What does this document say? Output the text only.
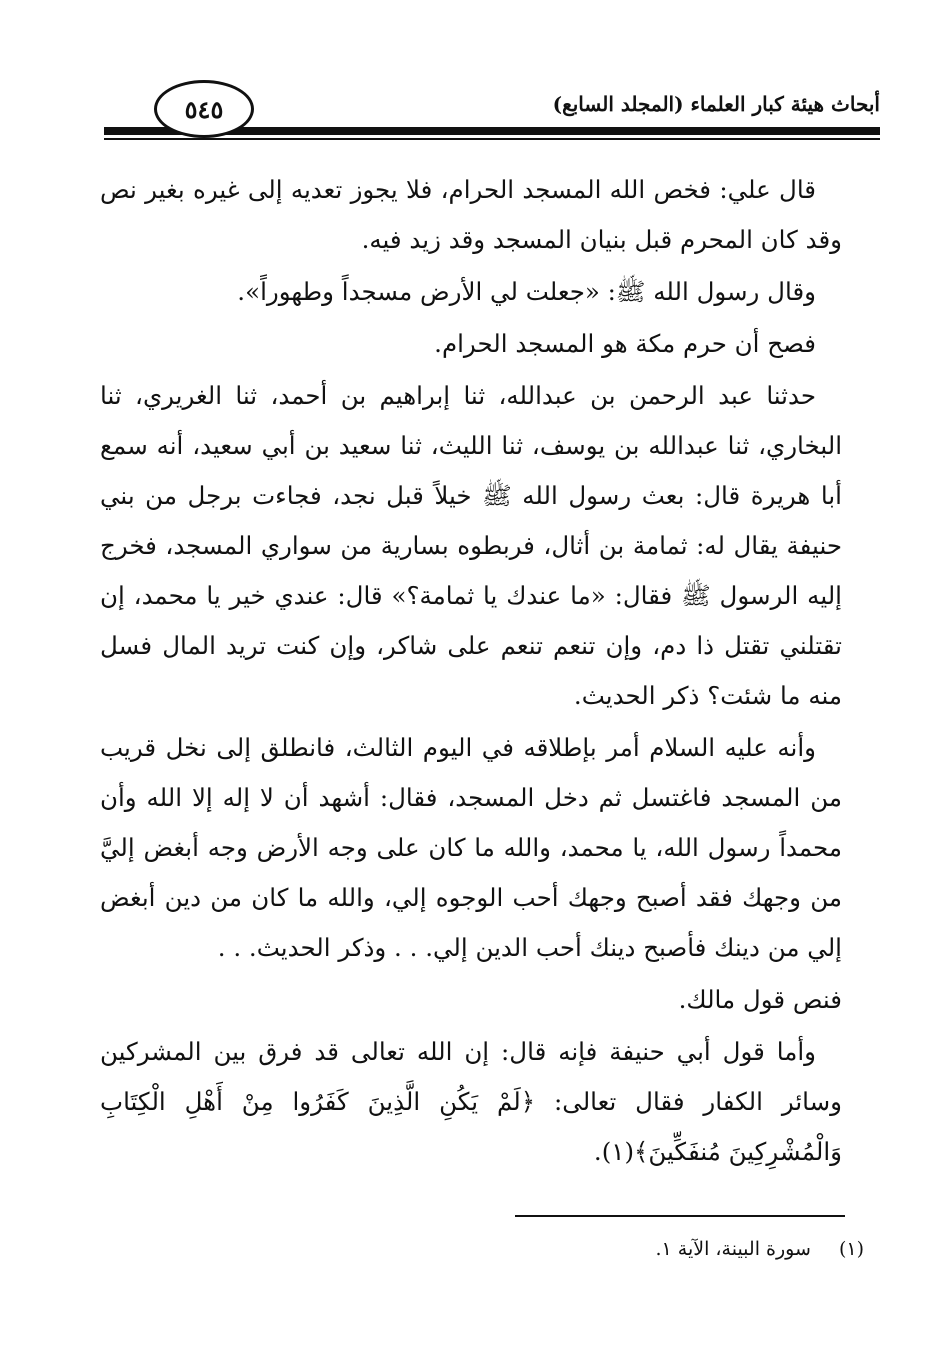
٥٤٥	أبحاث هيئة كبار العلماء (المجلد السابع)

قال علي: فخص الله المسجد الحرام، فلا يجوز تعديه إلى غيره بغير نص وقد كان المحرم قبل بنيان المسجد وقد زيد فيه.

وقال رسول الله ﷺ: «جعلت لي الأرض مسجداً وطهوراً».

فصح أن حرم مكة هو المسجد الحرام.

حدثنا عبد الرحمن بن عبدالله، ثنا إبراهيم بن أحمد، ثنا الغريري، ثنا البخاري، ثنا عبدالله بن يوسف، ثنا الليث، ثنا سعيد بن أبي سعيد، أنه سمع أبا هريرة قال: بعث رسول الله ﷺ خيلاً قبل نجد، فجاءت برجل من بني حنيفة يقال له: ثمامة بن أثال، فربطوه بسارية من سواري المسجد، فخرج إليه الرسول ﷺ فقال: «ما عندك يا ثمامة؟» قال: عندي خير يا محمد، إن تقتلني تقتل ذا دم، وإن تنعم تنعم على شاكر، وإن كنت تريد المال فسل منه ما شئت؟ ذكر الحديث.

وأنه عليه السلام أمر بإطلاقه في اليوم الثالث، فانطلق إلى نخل قريب من المسجد فاغتسل ثم دخل المسجد، فقال: أشهد أن لا إله إلا الله وأن محمداً رسول الله، يا محمد، والله ما كان على وجه الأرض وجه أبغض إليَّ من وجهك فقد أصبح وجهك أحب الوجوه إلي، والله ما كان من دين أبغض إلي من دينك فأصبح دينك أحب الدين إلي. . . وذكر الحديث. . .

فنص قول مالك.

وأما قول أبي حنيفة فإنه قال: إن الله تعالى قد فرق بين المشركين وسائر الكفار فقال تعالى: ﴿لَمْ يَكُنِ الَّذِينَ كَفَرُوا مِنْ أَهْلِ الْكِتَابِ وَالْمُشْرِكِينَ مُنفَكِّينَ﴾(١).

(١) سورة البينة، الآية ١.
